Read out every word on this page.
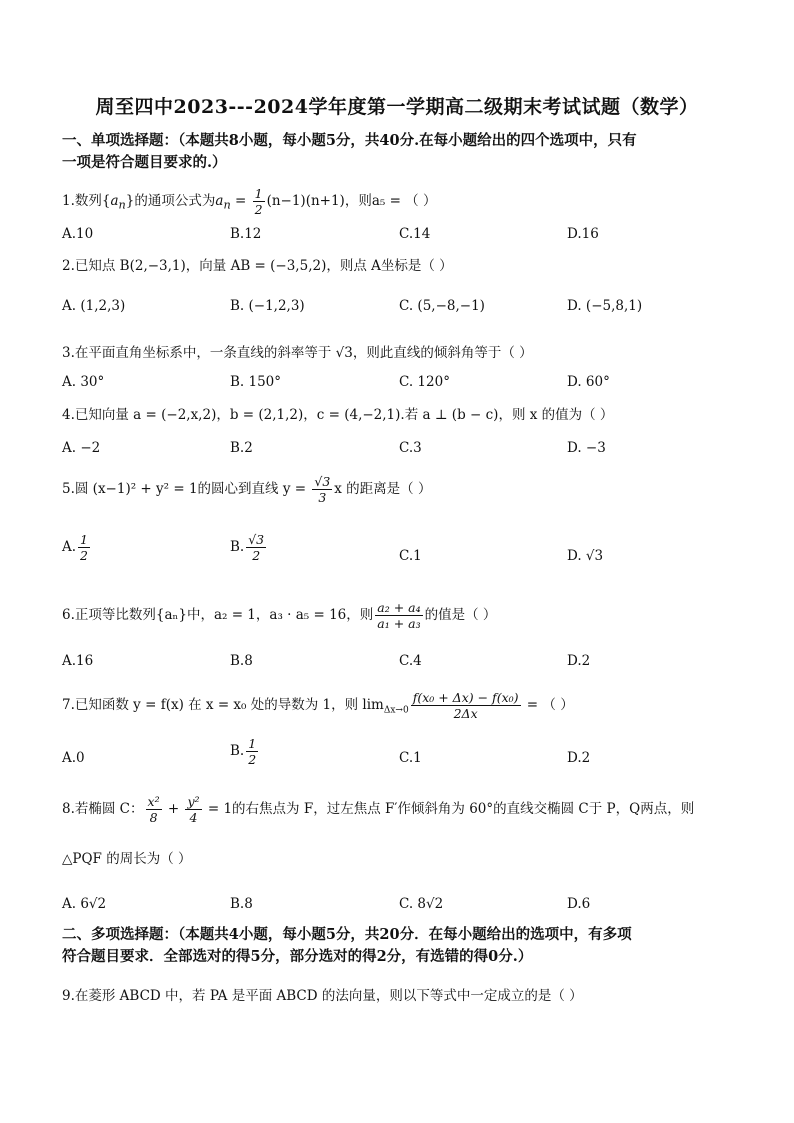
周至四中2023---2024学年度第一学期高二级期末考试试题（数学）
一、单项选择题：（本题共8小题，每小题5分，共40分.在每小题给出的四个选项中，只有
一项是符合题目要求的.）
1.数列$\{a_n\}$的通项公式为$a_n = \frac{1}{2} (n-1)(n+1)$，则a₅ = （ ）
A.10	B.12	C.14	D.16
2.已知点 B(2,−3,1)，向量 AB = (−3,5,2)，则点 A坐标是（ ）
A. (1,2,3)	B. (−1,2,3)	C. (5,−8,−1)	D. (−5,8,1)
3.在平面直角坐标系中，一条直线的斜率等于 √3，则此直线的倾斜角等于（ ）
A. 30°	B. 150°	C. 120°	D. 60°
4.已知向量 a = (−2,x,2)，b = (2,1,2)，c = (4,−2,1).若 a ⊥ (b − c)，则 x 的值为（ ）
A. −2	B.2	C.3	D. −3
5.圆 (x−1)² + y² = 1的圆心到直线 $y = \frac{√3}{3}$ x 的距离是（ ）
A. $\frac{1}{2}$	B. $\frac{√3}{2}$	C.1	D. √3
6.正项等比数列{aₙ}中，a₂ = 1，a₃ · a₅ = 16，则 $\frac{\text{a₂ + a₄}}{\text{a₁ + a₃}}$ 的值是（ ）
A.16	B.8	C.4	D.2
7.已知函数 y = f(x) 在 x = x₀ 处的导数为 1，则 $\lim_{\Delta x\to 0} \frac{\text{f(x₀ + Δx) − f(x₀)}}{2\Delta x}$ = （ ）
A.0	B. $\frac{1}{2}$	C.1	D.2
8.若椭圆 C： $\frac{\text{x²}}{8} + \frac{\text{y²}}{4} = 1$的右焦点为 F，过左焦点 F′作倾斜角为 60°的直线交椭圆 C于 P，Q两点，则
△PQF 的周长为（ ）
A. 6√2	B.8	C. 8√2	D.6
二、多项选择题：（本题共4小题，每小题5分，共20分．在每小题给出的选项中，有多项
符合题目要求．全部选对的得5分，部分选对的得2分，有选错的得0分.）
9.在菱形 ABCD 中，若 PA 是平面 ABCD 的法向量，则以下等式中一定成立的是（ ）
